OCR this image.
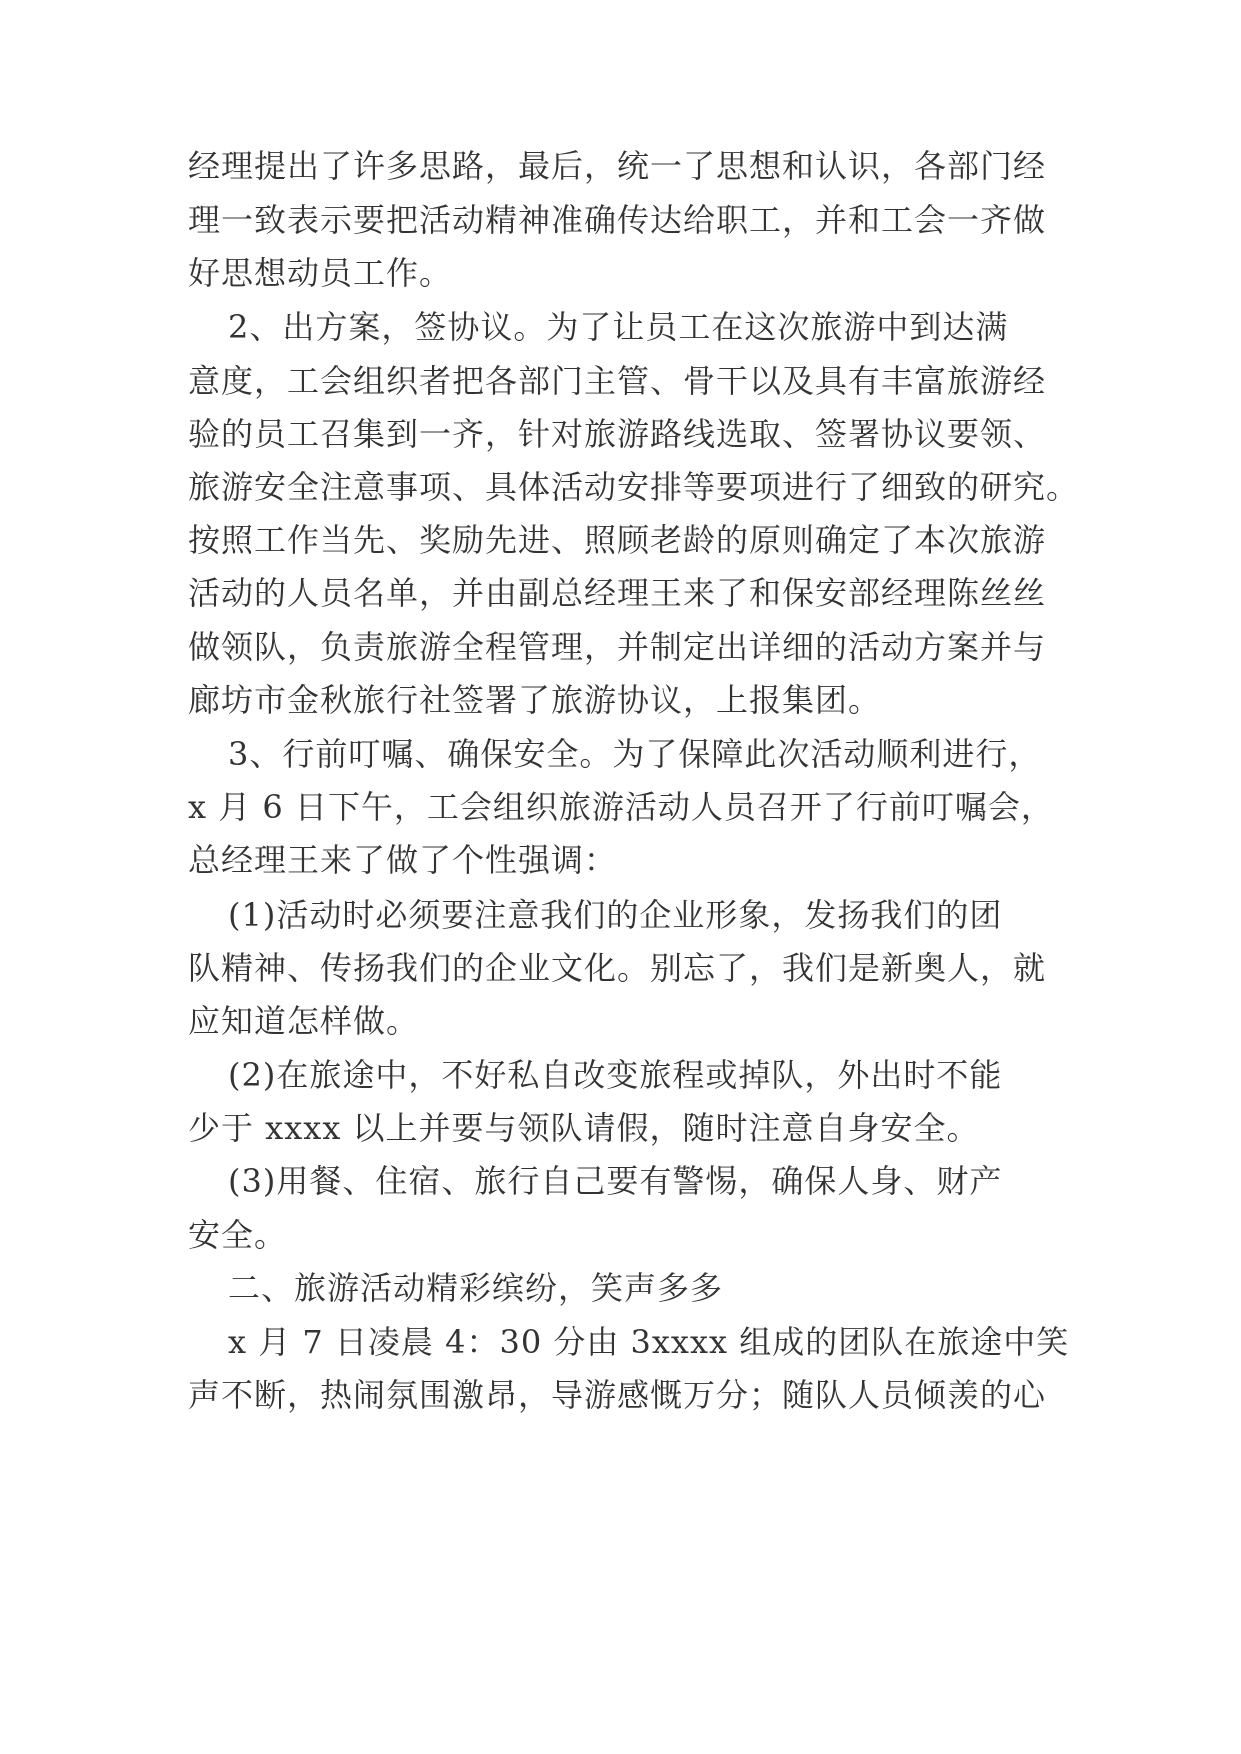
经理提出了许多思路，最后，统一了思想和认识，各部门经
理一致表示要把活动精神准确传达给职工，并和工会一齐做
好思想动员工作。
2、出方案，签协议。为了让员工在这次旅游中到达满
意度，工会组织者把各部门主管、骨干以及具有丰富旅游经
验的员工召集到一齐，针对旅游路线选取、签署协议要领、
旅游安全注意事项、具体活动安排等要项进行了细致的研究。
按照工作当先、奖励先进、照顾老龄的原则确定了本次旅游
活动的人员名单，并由副总经理王来了和保安部经理陈丝丝
做领队，负责旅游全程管理，并制定出详细的活动方案并与
廊坊市金秋旅行社签署了旅游协议，上报集团。
3、行前叮嘱、确保安全。为了保障此次活动顺利进行，
x 月 6 日下午，工会组织旅游活动人员召开了行前叮嘱会，
总经理王来了做了个性强调：
(1)活动时必须要注意我们的企业形象，发扬我们的团
队精神、传扬我们的企业文化。别忘了，我们是新奥人，就
应知道怎样做。
(2)在旅途中，不好私自改变旅程或掉队，外出时不能
少于 xxxx 以上并要与领队请假，随时注意自身安全。
(3)用餐、住宿、旅行自己要有警惕，确保人身、财产
安全。
二、旅游活动精彩缤纷，笑声多多
x 月 7 日凌晨 4：30 分由 3xxxx 组成的团队在旅途中笑
声不断，热闹氛围激昂，导游感慨万分；随队人员倾羡的心
